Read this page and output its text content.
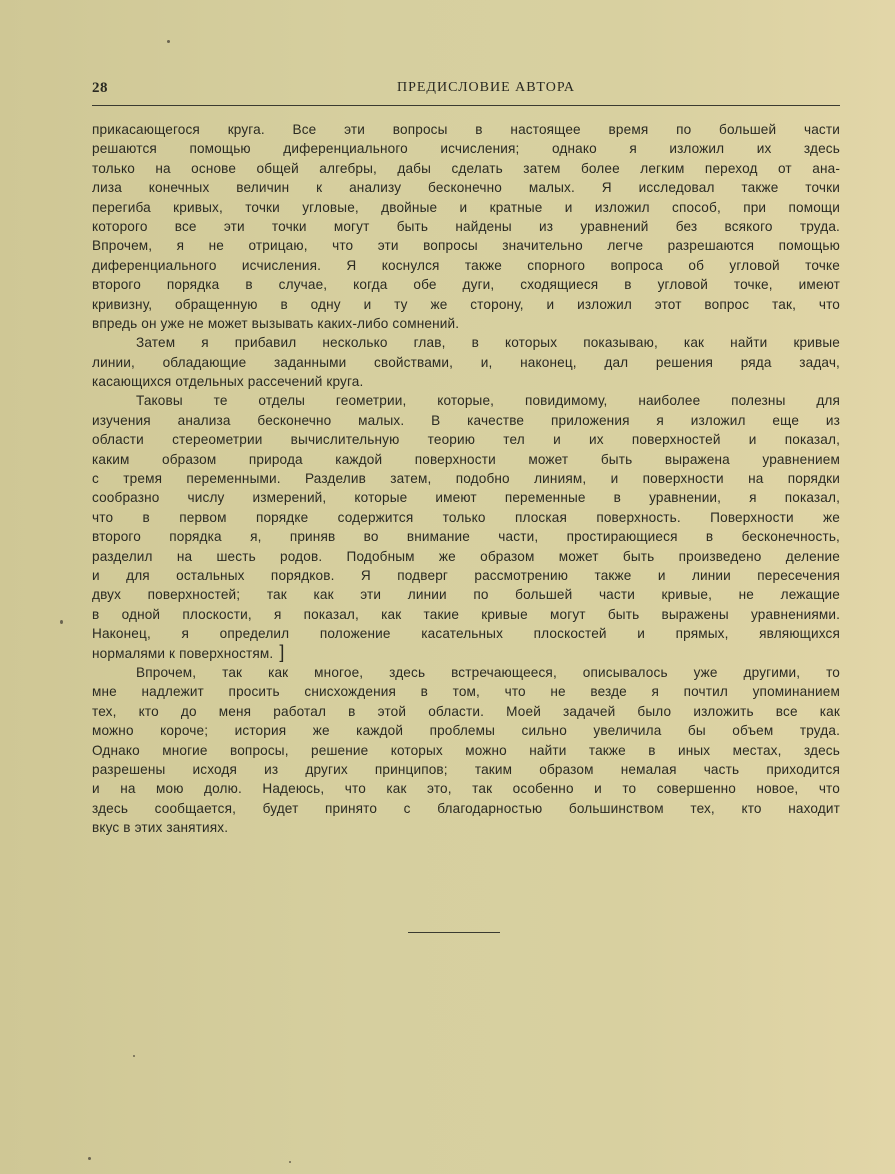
28	ПРЕДИСЛОВИЕ АВТОРА
прикасающегося круга. Все эти вопросы в настоящее время по большей части
решаются помощью диференциального исчисления; однако я изложил их здесь
только на основе общей алгебры, дабы сделать затем более легким переход от ана-
лиза конечных величин к анализу бесконечно малых. Я исследовал также точки
перегиба кривых, точки угловые, двойные и кратные и изложил способ, при помощи
которого все эти точки могут быть найдены из уравнений без всякого труда.
Впрочем, я не отрицаю, что эти вопросы значительно легче разрешаются помощью
диференциального исчисления. Я коснулся также спорного вопроса об угловой точке
второго порядка в случае, когда обе дуги, сходящиеся в угловой точке, имеют
кривизну, обращенную в одну и ту же сторону, и изложил этот вопрос так, что
впредь он уже не может вызывать каких-либо сомнений.
Затем я прибавил несколько глав, в которых показываю, как найти кривые
линии, обладающие заданными свойствами, и, наконец, дал решения ряда задач,
касающихся отдельных рассечений круга.
Таковы те отделы геометрии, которые, повидимому, наиболее полезны для
изучения анализа бесконечно малых. В качестве приложения я изложил еще из
области стереометрии вычислительную теорию тел и их поверхностей и показал,
каким образом природа каждой поверхности может быть выражена уравнением
с тремя переменными. Разделив затем, подобно линиям, и поверхности на порядки
сообразно числу измерений, которые имеют переменные в уравнении, я показал,
что в первом порядке содержится только плоская поверхность. Поверхности же
второго порядка я, приняв во внимание части, простирающиеся в бесконечность,
разделил на шесть родов. Подобным же образом может быть произведено деление
и для остальных порядков. Я подверг рассмотрению также и линии пересечения
двух поверхностей; так как эти линии по большей части кривые, не лежащие
в одной плоскости, я показал, как такие кривые могут быть выражены уравнениями.
Наконец, я определил положение касательных плоскостей и прямых, являющихся
нормалями к поверхностям. ]
Впрочем, так как многое, здесь встречающееся, описывалось уже другими, то
мне надлежит просить снисхождения в том, что не везде я почтил упоминанием
тех, кто до меня работал в этой области. Моей задачей было изложить все как
можно короче; история же каждой проблемы сильно увеличила бы объем труда.
Однако многие вопросы, решение которых можно найти также в иных местах, здесь
разрешены исходя из других принципов; таким образом немалая часть приходится
и на мою долю. Надеюсь, что как это, так особенно и то совершенно новое, что
здесь сообщается, будет принято с благодарностью большинством тех, кто находит
вкус в этих занятиях.
